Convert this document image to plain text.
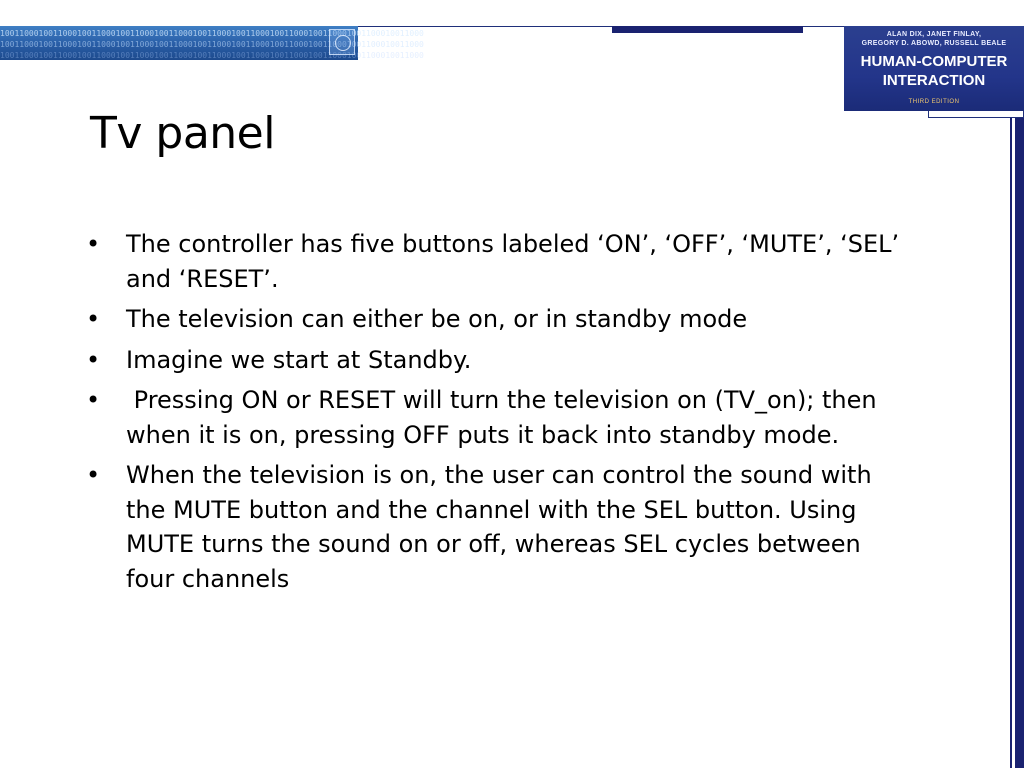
1001100010011000100110001001100010011000100110001001100010011000100110001001100010011000
1001100010011000100110001001100010011000100110001001100010011000100110001001100010011000
1001100010011000100110001001100010011000100110001001100010011000100110001001100010011000
ALAN DIX, JANET FINLAY,
GREGORY D. ABOWD, RUSSELL BEALE
HUMAN-COMPUTER
INTERACTION
THIRD EDITION
Tv panel
• The controller has five buttons labeled ‘ON’, ‘OFF’, ‘MUTE’, ‘SEL’ and ‘RESET’.
• The television can either be on, or in standby mode
• Imagine we start at Standby.
• Pressing ON or RESET will turn the television on (TV_on); then when it is on, pressing OFF puts it back into standby mode.
• When the television is on, the user can control the sound with the MUTE button and the channel with the SEL button. Using MUTE turns the sound on or off, whereas SEL cycles between four channels
